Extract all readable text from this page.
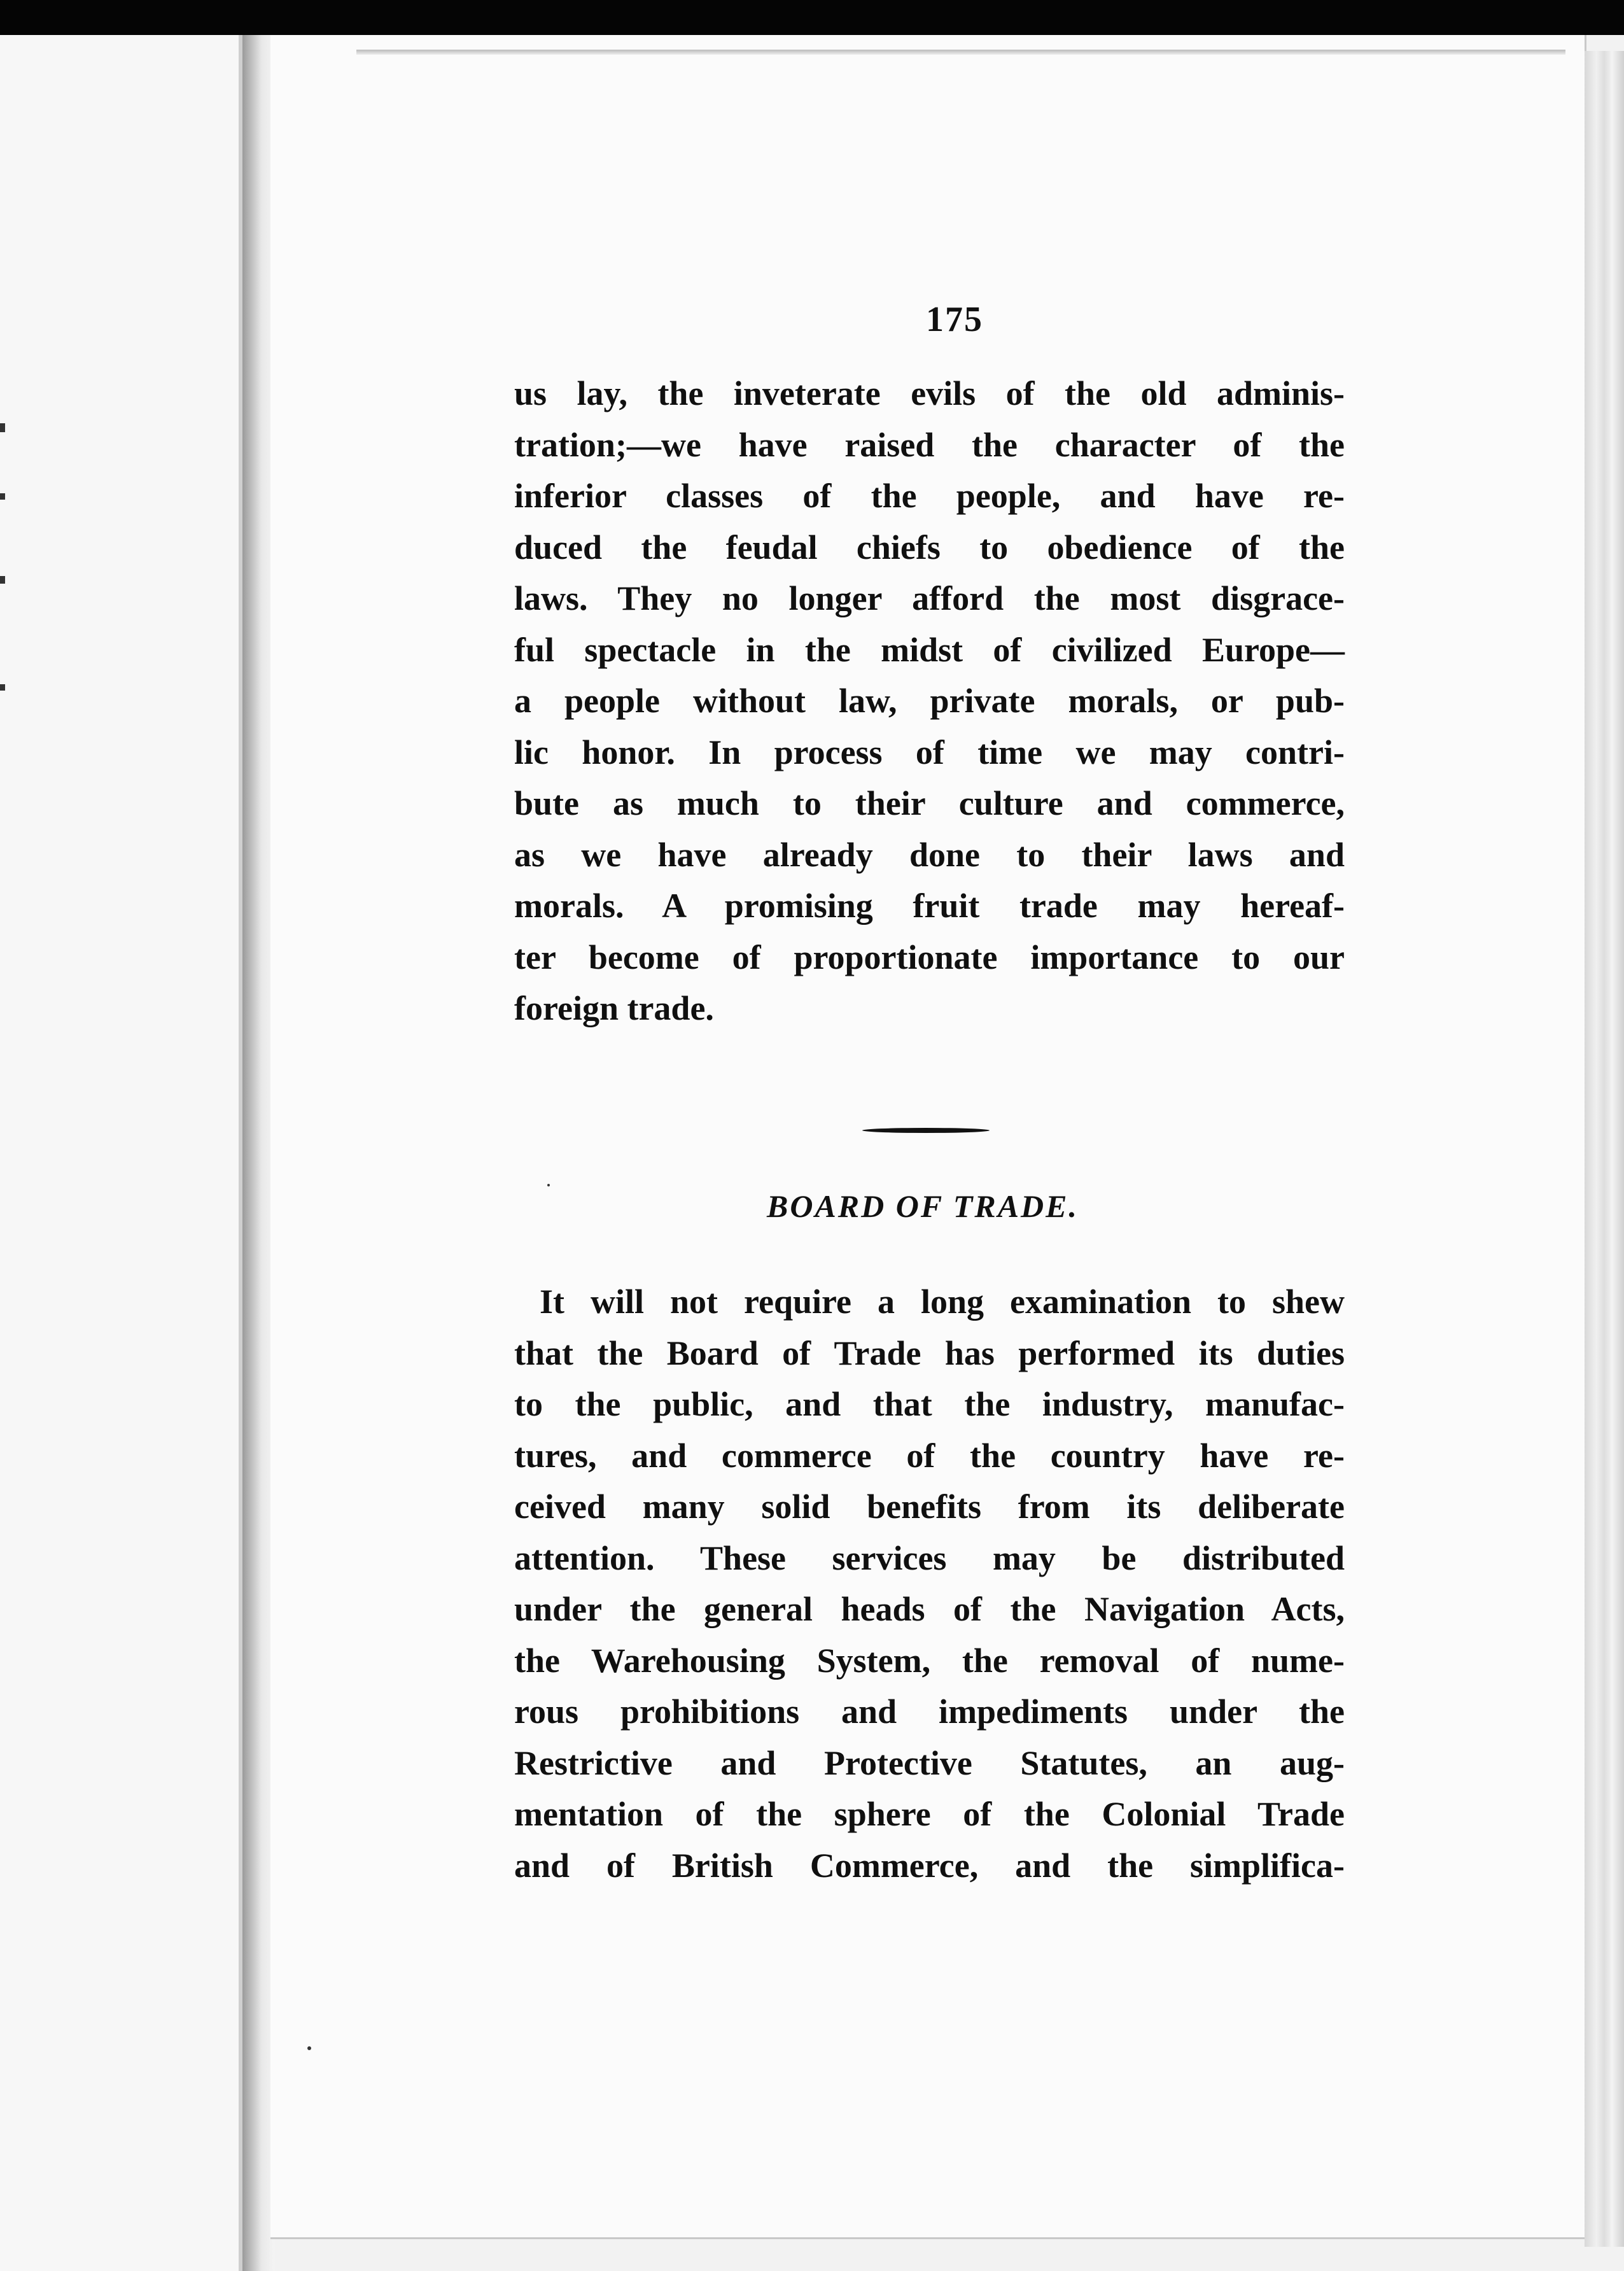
175
us lay, the inveterate evils of the old adminis-
tration;—we have raised the character of the
inferior classes of the people, and have re-
duced the feudal chiefs to obedience of the
laws. They no longer afford the most disgrace-
ful spectacle in the midst of civilized Europe—
a people without law, private morals, or pub-
lic honor. In process of time we may contri-
bute as much to their culture and commerce,
as we have already done to their laws and
morals. A promising fruit trade may hereaf-
ter become of proportionate importance to our
foreign trade.
BOARD OF TRADE.
It will not require a long examination to shew
that the Board of Trade has performed its duties
to the public, and that the industry, manufac-
tures, and commerce of the country have re-
ceived many solid benefits from its deliberate
attention. These services may be distributed
under the general heads of the Navigation Acts,
the Warehousing System, the removal of nume-
rous prohibitions and impediments under the
Restrictive and Protective Statutes, an aug-
mentation of the sphere of the Colonial Trade
and of British Commerce, and the simplifica-
